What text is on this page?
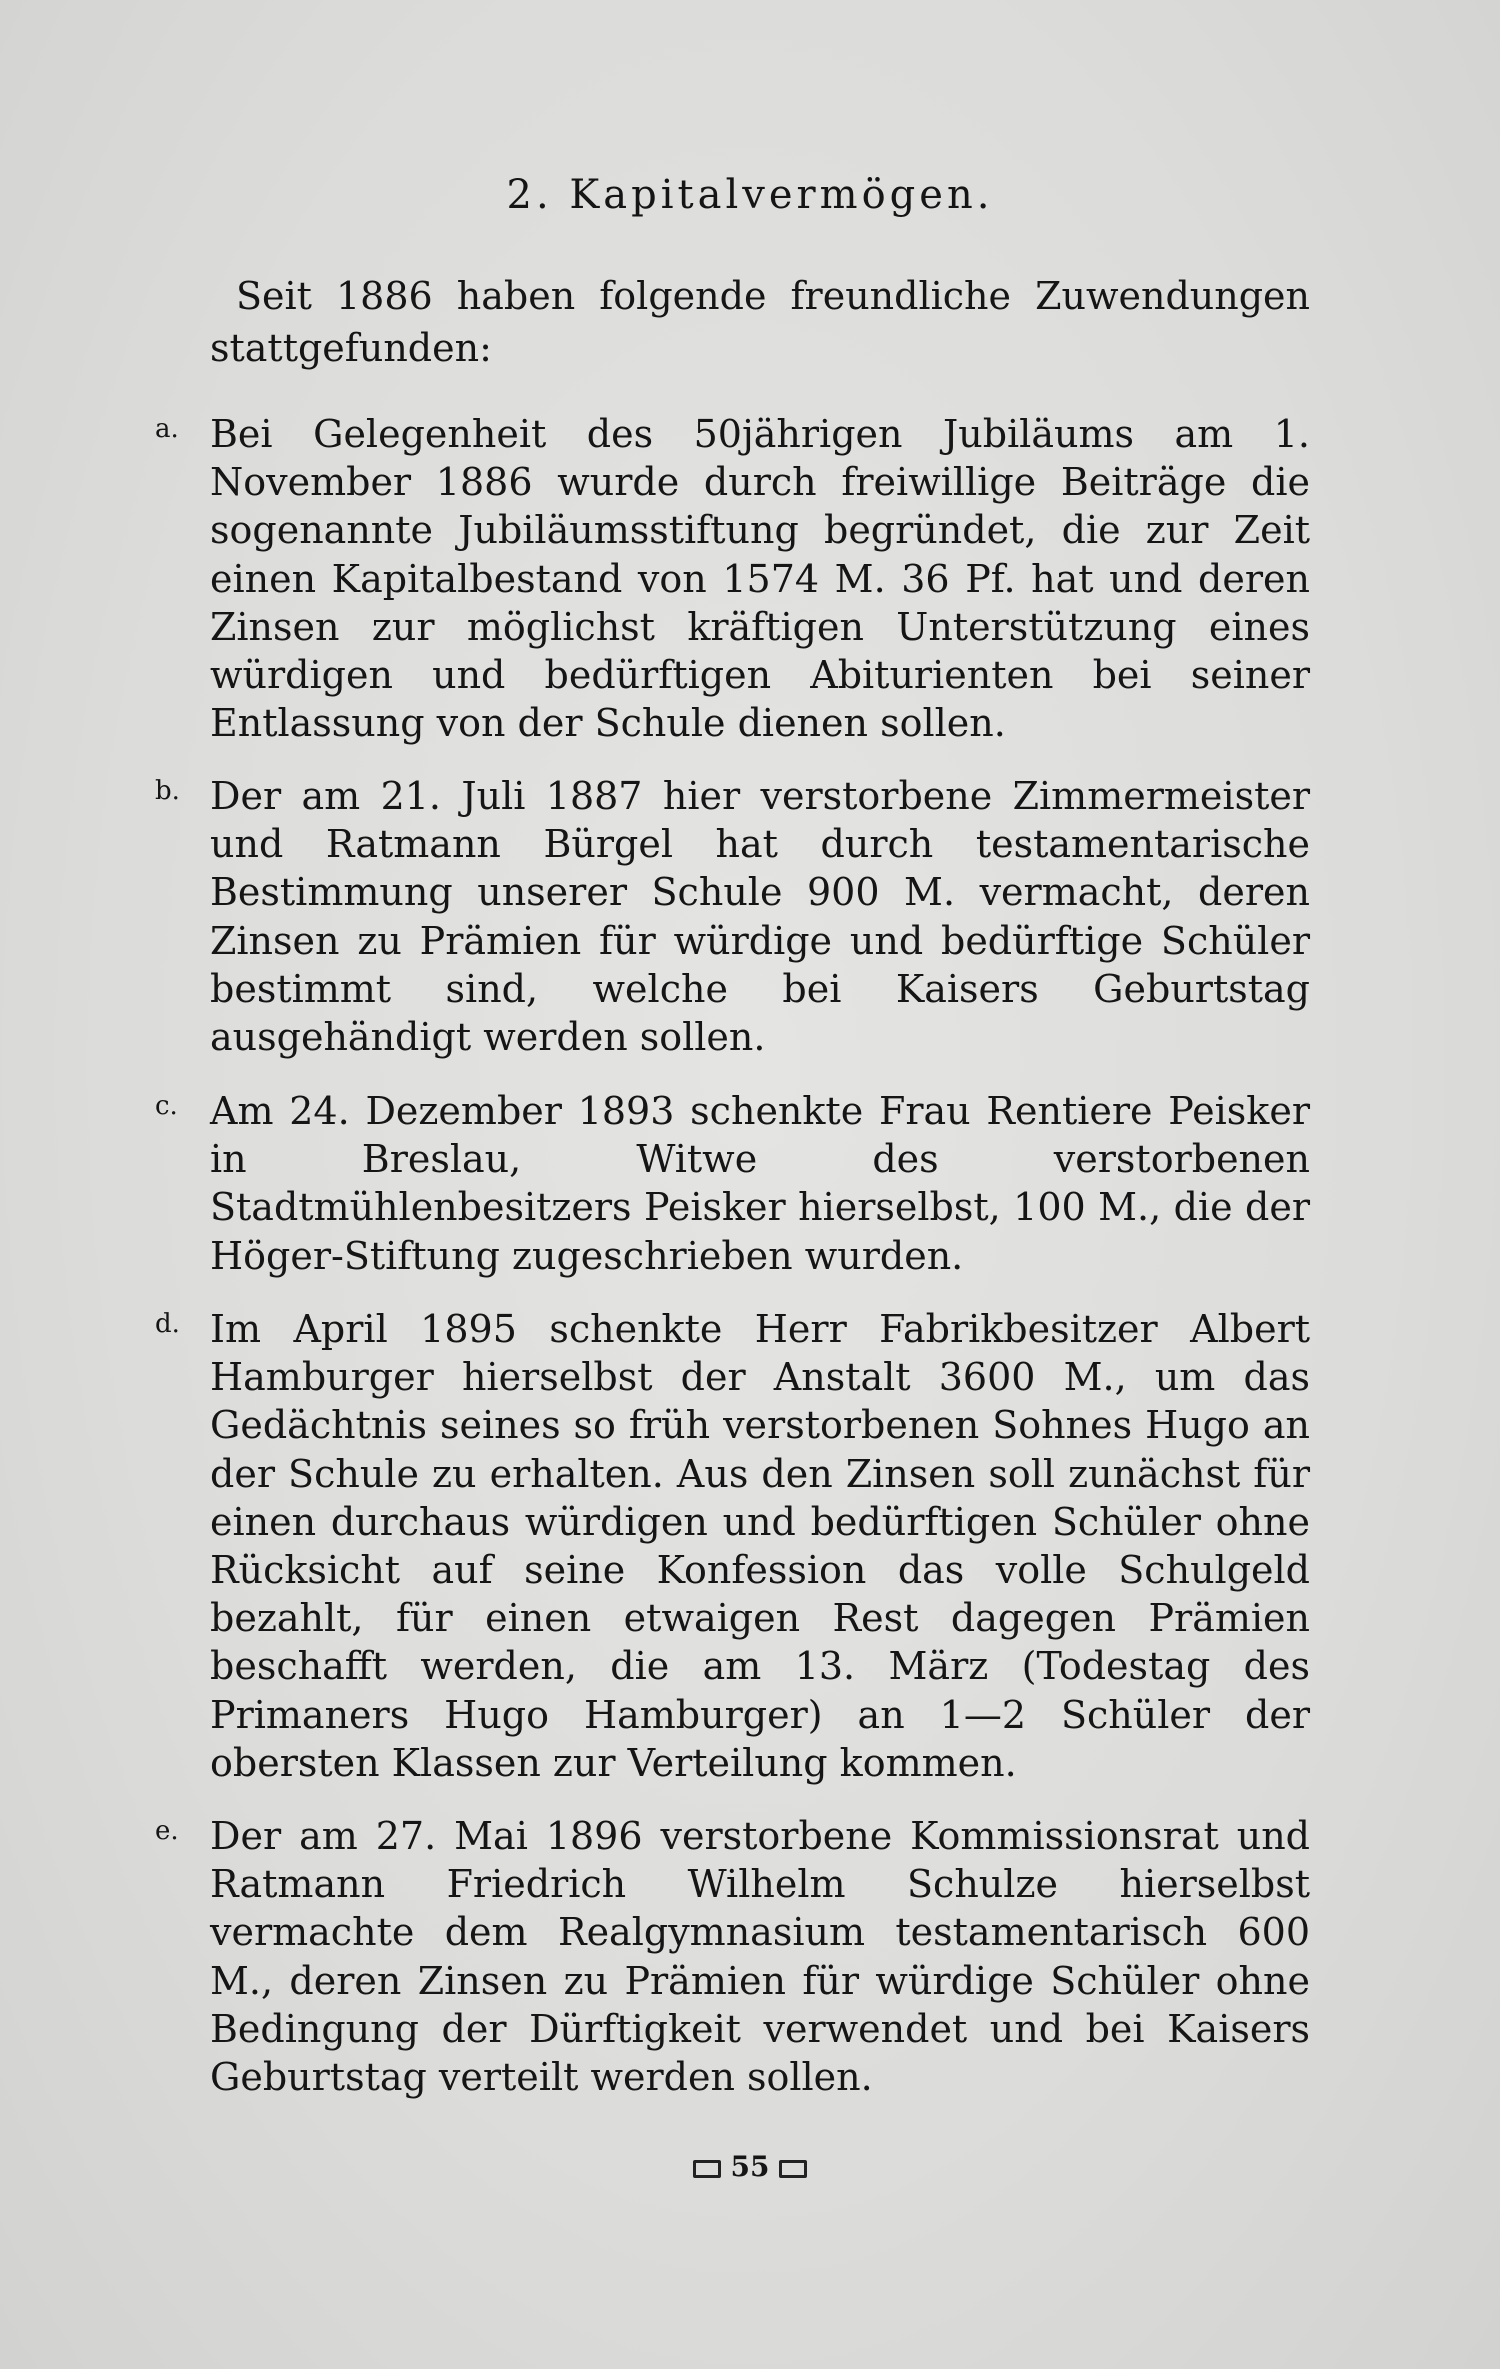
2. Kapitalvermögen.
Seit 1886 haben folgende freundliche Zuwendungen stattgefunden:
a. Bei Gelegenheit des 50jährigen Jubiläums am 1. November 1886 wurde durch freiwillige Beiträge die sogenannte Jubiläumsstiftung begründet, die zur Zeit einen Kapitalbestand von 1574 M. 36 Pf. hat und deren Zinsen zur möglichst kräftigen Unterstützung eines würdigen und bedürftigen Abiturienten bei seiner Entlassung von der Schule dienen sollen.
b. Der am 21. Juli 1887 hier verstorbene Zimmermeister und Ratmann Bürgel hat durch testamentarische Bestimmung unserer Schule 900 M. vermacht, deren Zinsen zu Prämien für würdige und bedürftige Schüler bestimmt sind, welche bei Kaisers Geburtstag ausgehändigt werden sollen.
c. Am 24. Dezember 1893 schenkte Frau Rentiere Peisker in Breslau, Witwe des verstorbenen Stadtmühlenbesitzers Peisker hierselbst, 100 M., die der Höger-Stiftung zugeschrieben wurden.
d. Im April 1895 schenkte Herr Fabrikbesitzer Albert Hamburger hierselbst der Anstalt 3600 M., um das Gedächtnis seines so früh verstorbenen Sohnes Hugo an der Schule zu erhalten. Aus den Zinsen soll zunächst für einen durchaus würdigen und bedürftigen Schüler ohne Rücksicht auf seine Konfession das volle Schulgeld bezahlt, für einen etwaigen Rest dagegen Prämien beschafft werden, die am 13. März (Todestag des Primaners Hugo Hamburger) an 1—2 Schüler der obersten Klassen zur Verteilung kommen.
e. Der am 27. Mai 1896 verstorbene Kommissionsrat und Ratmann Friedrich Wilhelm Schulze hierselbst vermachte dem Realgymnasium testamentarisch 600 M., deren Zinsen zu Prämien für würdige Schüler ohne Bedingung der Dürftigkeit verwendet und bei Kaisers Geburtstag verteilt werden sollen.
55
